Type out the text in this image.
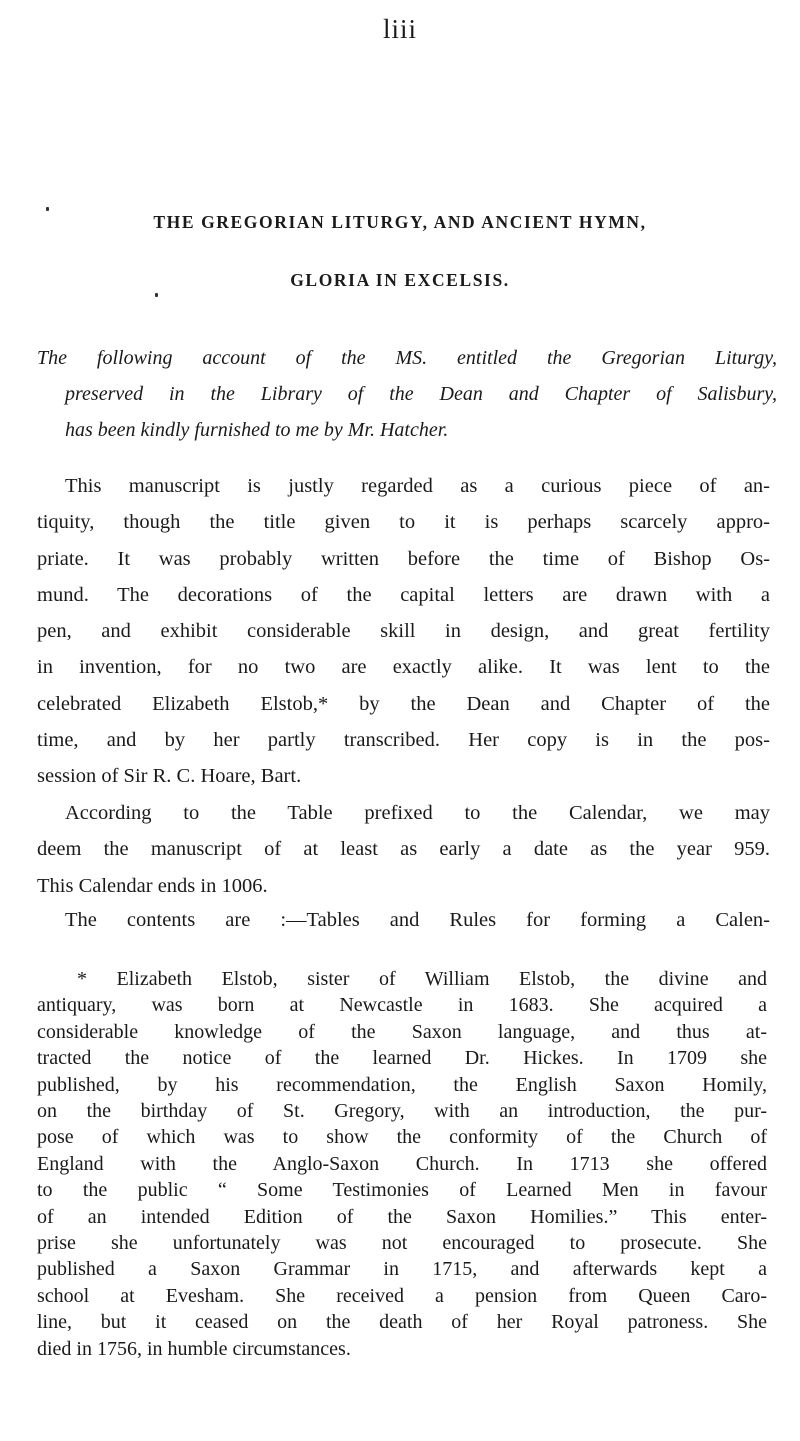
liii
THE GREGORIAN LITURGY, AND ANCIENT HYMN,
GLORIA IN EXCELSIS.
The following account of the MS. entitled the Gregorian Liturgy,
preserved in the Library of the Dean and Chapter of Salisbury,
has been kindly furnished to me by Mr. Hatcher.
This manuscript is justly regarded as a curious piece of an-
tiquity, though the title given to it is perhaps scarcely appro-
priate. It was probably written before the time of Bishop Os-
mund. The decorations of the capital letters are drawn with a
pen, and exhibit considerable skill in design, and great fertility
in invention, for no two are exactly alike. It was lent to the
celebrated Elizabeth Elstob,* by the Dean and Chapter of the
time, and by her partly transcribed. Her copy is in the pos-
session of Sir R. C. Hoare, Bart.
According to the Table prefixed to the Calendar, we may
deem the manuscript of at least as early a date as the year 959.
This Calendar ends in 1006.
The contents are :—Tables and Rules for forming a Calen-
* Elizabeth Elstob, sister of William Elstob, the divine and
antiquary, was born at Newcastle in 1683. She acquired a
considerable knowledge of the Saxon language, and thus at-
tracted the notice of the learned Dr. Hickes. In 1709 she
published, by his recommendation, the English Saxon Homily,
on the birthday of St. Gregory, with an introduction, the pur-
pose of which was to show the conformity of the Church of
England with the Anglo-Saxon Church. In 1713 she offered
to the public “ Some Testimonies of Learned Men in favour
of an intended Edition of the Saxon Homilies.” This enter-
prise she unfortunately was not encouraged to prosecute. She
published a Saxon Grammar in 1715, and afterwards kept a
school at Evesham. She received a pension from Queen Caro-
line, but it ceased on the death of her Royal patroness. She
died in 1756, in humble circumstances.
